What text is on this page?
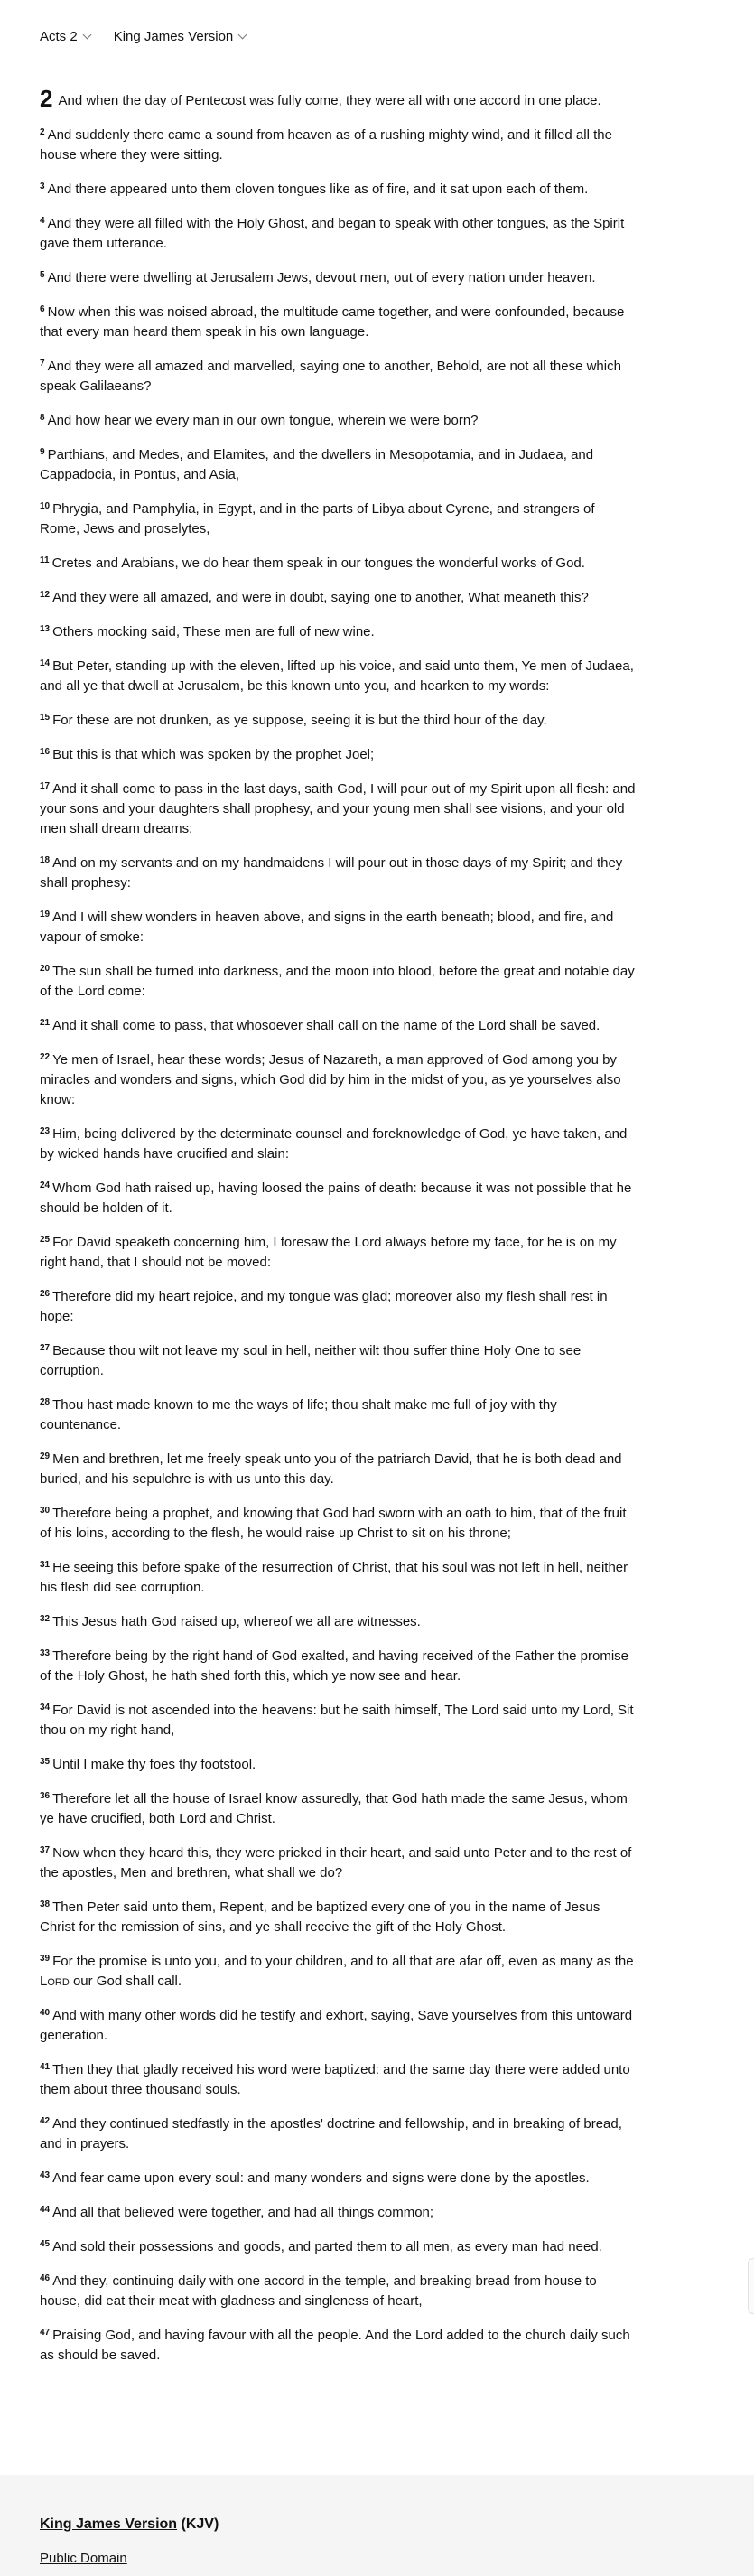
Acts 2	King James Version

2 And when the day of Pentecost was fully come, they were all with one accord in one place.

$^2$ And suddenly there came a sound from heaven as of a rushing mighty wind, and it filled all the house where they were sitting.

$^3$ And there appeared unto them cloven tongues like as of fire, and it sat upon each of them.

$^4$ And they were all filled with the Holy Ghost, and began to speak with other tongues, as the Spirit gave them utterance.

$^5$ And there were dwelling at Jerusalem Jews, devout men, out of every nation under heaven.

$^6$ Now when this was noised abroad, the multitude came together, and were confounded, because that every man heard them speak in his own language.

$^7$ And they were all amazed and marvelled, saying one to another, Behold, are not all these which speak Galilaeans?

$^8$ And how hear we every man in our own tongue, wherein we were born?

$^9$ Parthians, and Medes, and Elamites, and the dwellers in Mesopotamia, and in Judaea, and Cappadocia, in Pontus, and Asia,

$^{10}$ Phrygia, and Pamphylia, in Egypt, and in the parts of Libya about Cyrene, and strangers of Rome, Jews and proselytes,

$^{11}$ Cretes and Arabians, we do hear them speak in our tongues the wonderful works of God.

$^{12}$ And they were all amazed, and were in doubt, saying one to another, What meaneth this?

$^{13}$ Others mocking said, These men are full of new wine.

$^{14}$ But Peter, standing up with the eleven, lifted up his voice, and said unto them, Ye men of Judaea, and all ye that dwell at Jerusalem, be this known unto you, and hearken to my words:

$^{15}$ For these are not drunken, as ye suppose, seeing it is but the third hour of the day.

$^{16}$ But this is that which was spoken by the prophet Joel;

$^{17}$ And it shall come to pass in the last days, saith God, I will pour out of my Spirit upon all flesh: and your sons and your daughters shall prophesy, and your young men shall see visions, and your old men shall dream dreams:

$^{18}$ And on my servants and on my handmaidens I will pour out in those days of my Spirit; and they shall prophesy:

$^{19}$ And I will shew wonders in heaven above, and signs in the earth beneath; blood, and fire, and vapour of smoke:

$^{20}$ The sun shall be turned into darkness, and the moon into blood, before the great and notable day of the Lord come:

$^{21}$ And it shall come to pass, that whosoever shall call on the name of the Lord shall be saved.

$^{22}$ Ye men of Israel, hear these words; Jesus of Nazareth, a man approved of God among you by miracles and wonders and signs, which God did by him in the midst of you, as ye yourselves also know:

$^{23}$ Him, being delivered by the determinate counsel and foreknowledge of God, ye have taken, and by wicked hands have crucified and slain:

$^{24}$ Whom God hath raised up, having loosed the pains of death: because it was not possible that he should be holden of it.

$^{25}$ For David speaketh concerning him, I foresaw the Lord always before my face, for he is on my right hand, that I should not be moved:

$^{26}$ Therefore did my heart rejoice, and my tongue was glad; moreover also my flesh shall rest in hope:

$^{27}$ Because thou wilt not leave my soul in hell, neither wilt thou suffer thine Holy One to see corruption.

$^{28}$ Thou hast made known to me the ways of life; thou shalt make me full of joy with thy countenance.

$^{29}$ Men and brethren, let me freely speak unto you of the patriarch David, that he is both dead and buried, and his sepulchre is with us unto this day.

$^{30}$ Therefore being a prophet, and knowing that God had sworn with an oath to him, that of the fruit of his loins, according to the flesh, he would raise up Christ to sit on his throne;

$^{31}$ He seeing this before spake of the resurrection of Christ, that his soul was not left in hell, neither his flesh did see corruption.

$^{32}$ This Jesus hath God raised up, whereof we all are witnesses.

$^{33}$ Therefore being by the right hand of God exalted, and having received of the Father the promise of the Holy Ghost, he hath shed forth this, which ye now see and hear.

$^{34}$ For David is not ascended into the heavens: but he saith himself, The Lord said unto my Lord, Sit thou on my right hand,

$^{35}$ Until I make thy foes thy footstool.

$^{36}$ Therefore let all the house of Israel know assuredly, that God hath made the same Jesus, whom ye have crucified, both Lord and Christ.

$^{37}$ Now when they heard this, they were pricked in their heart, and said unto Peter and to the rest of the apostles, Men and brethren, what shall we do?

$^{38}$ Then Peter said unto them, Repent, and be baptized every one of you in the name of Jesus Christ for the remission of sins, and ye shall receive the gift of the Holy Ghost.

$^{39}$ For the promise is unto you, and to your children, and to all that are afar off, even as many as the Lord our God shall call.

$^{40}$ And with many other words did he testify and exhort, saying, Save yourselves from this untoward generation.

$^{41}$ Then they that gladly received his word were baptized: and the same day there were added unto them about three thousand souls.

$^{42}$ And they continued stedfastly in the apostles' doctrine and fellowship, and in breaking of bread, and in prayers.

$^{43}$ And fear came upon every soul: and many wonders and signs were done by the apostles.

$^{44}$ And all that believed were together, and had all things common;

$^{45}$ And sold their possessions and goods, and parted them to all men, as every man had need.

$^{46}$ And they, continuing daily with one accord in the temple, and breaking bread from house to house, did eat their meat with gladness and singleness of heart,

$^{47}$ Praising God, and having favour with all the people. And the Lord added to the church daily such as should be saved.

King James Version (KJV)
Public Domain
